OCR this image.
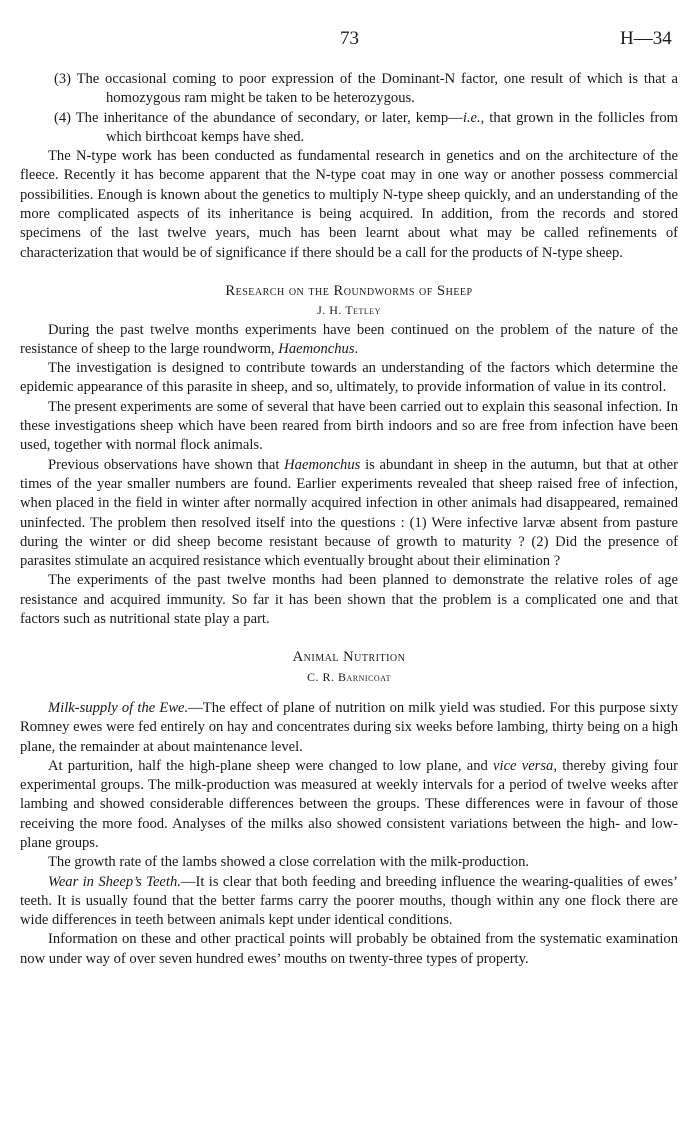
73	H—34

(3) The occasional coming to poor expression of the Dominant-N factor, one result of which is that a homozygous ram might be taken to be heterozygous.

(4) The inheritance of the abundance of secondary, or later, kemp—i.e., that grown in the follicles from which birthcoat kemps have shed.

The N-type work has been conducted as fundamental research in genetics and on the architecture of the fleece. Recently it has become apparent that the N-type coat may in one way or another possess commercial possibilities. Enough is known about the genetics to multiply N-type sheep quickly, and an understanding of the more complicated aspects of its inheritance is being acquired. In addition, from the records and stored specimens of the last twelve years, much has been learnt about what may be called refinements of characterization that would be of significance if there should be a call for the products of N-type sheep.

Research on the Roundworms of Sheep

J. H. Tetley

During the past twelve months experiments have been continued on the problem of the nature of the resistance of sheep to the large roundworm, Haemonchus.

The investigation is designed to contribute towards an understanding of the factors which determine the epidemic appearance of this parasite in sheep, and so, ultimately, to provide information of value in its control.

The present experiments are some of several that have been carried out to explain this seasonal infection. In these investigations sheep which have been reared from birth indoors and so are free from infection have been used, together with normal flock animals.

Previous observations have shown that Haemonchus is abundant in sheep in the autumn, but that at other times of the year smaller numbers are found. Earlier experiments revealed that sheep raised free of infection, when placed in the field in winter after normally acquired infection in other animals had disappeared, remained uninfected. The problem then resolved itself into the questions : (1) Were infective larvæ absent from pasture during the winter or did sheep become resistant because of growth to maturity ? (2) Did the presence of parasites stimulate an acquired resistance which eventually brought about their elimination ?

The experiments of the past twelve months had been planned to demonstrate the relative roles of age resistance and acquired immunity. So far it has been shown that the problem is a complicated one and that factors such as nutritional state play a part.

Animal Nutrition

C. R. Barnicoat

Milk-supply of the Ewe.—The effect of plane of nutrition on milk yield was studied. For this purpose sixty Romney ewes were fed entirely on hay and concentrates during six weeks before lambing, thirty being on a high plane, the remainder at about maintenance level.

At parturition, half the high-plane sheep were changed to low plane, and vice versa, thereby giving four experimental groups. The milk-production was measured at weekly intervals for a period of twelve weeks after lambing and showed considerable differences between the groups. These differences were in favour of those receiving the more food. Analyses of the milks also showed consistent variations between the high- and low-plane groups.

The growth rate of the lambs showed a close correlation with the milk-production.

Wear in Sheep’s Teeth.—It is clear that both feeding and breeding influence the wearing-qualities of ewes’ teeth. It is usually found that the better farms carry the poorer mouths, though within any one flock there are wide differences in teeth between animals kept under identical conditions.

Information on these and other practical points will probably be obtained from the systematic examination now under way of over seven hundred ewes’ mouths on twenty-three types of property.
